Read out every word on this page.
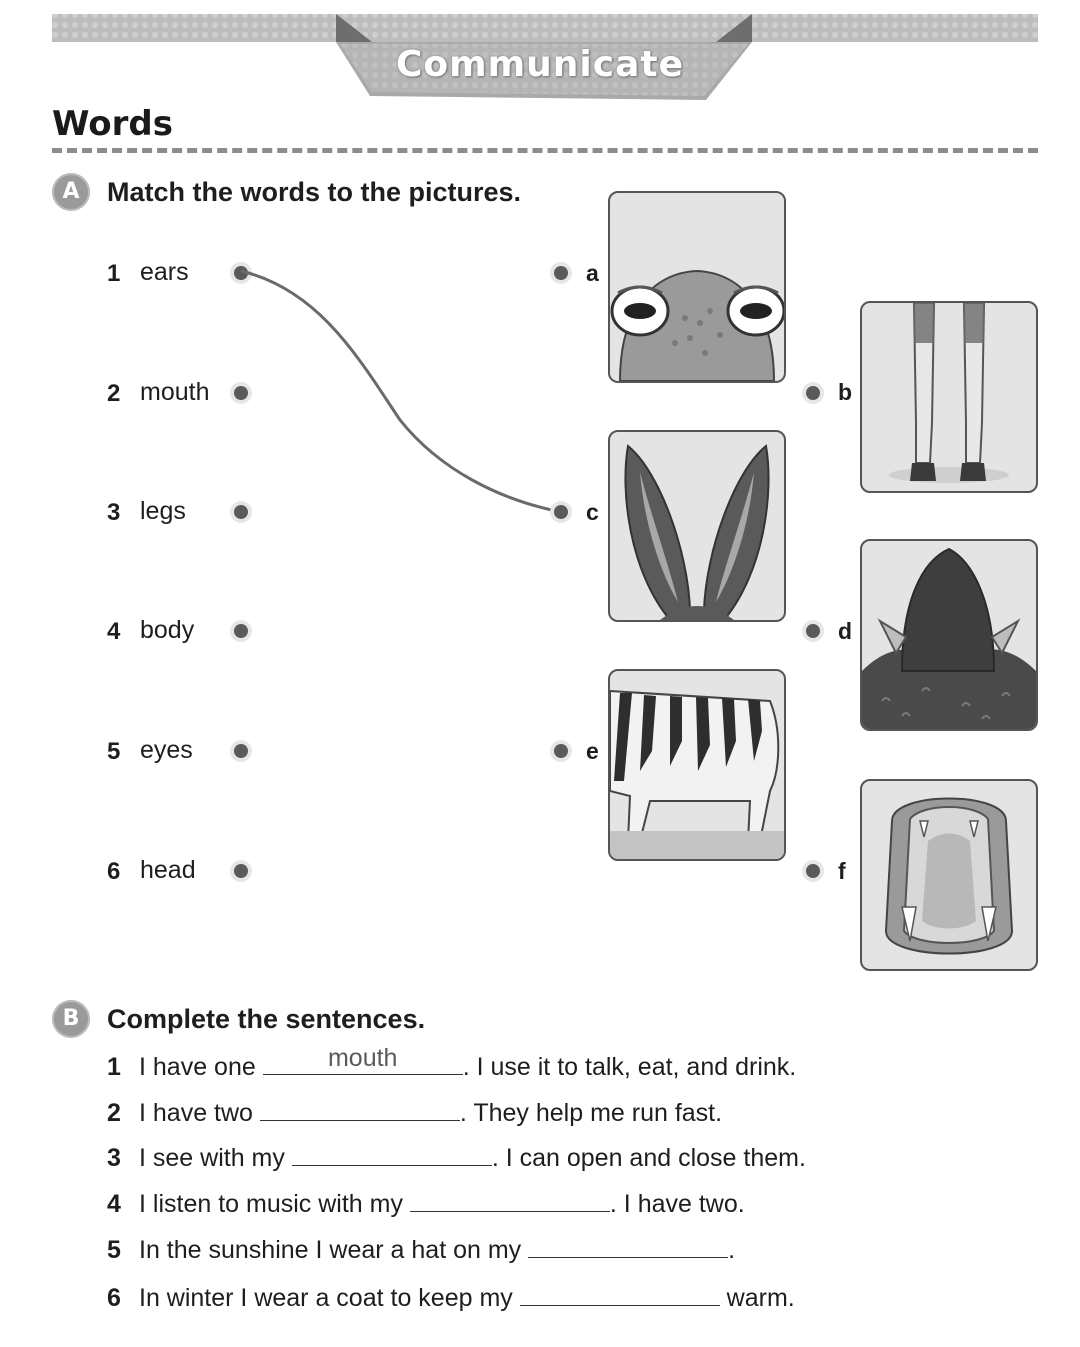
Communicate
Words
A	Match the words to the pictures.
1 ears
2 mouth
3 legs
4 body
5 eyes
6 head
a
b
c
d
e
f
B	Complete the sentences.
1 I have one	mouth	. I use it to talk, eat, and drink.
2 I have two	. They help me run fast.
3 I see with my	. I can open and close them.
4 I listen to music with my	. I have two.
5 In the sunshine I wear a hat on my	.
6 In winter I wear a coat to keep my	warm.
